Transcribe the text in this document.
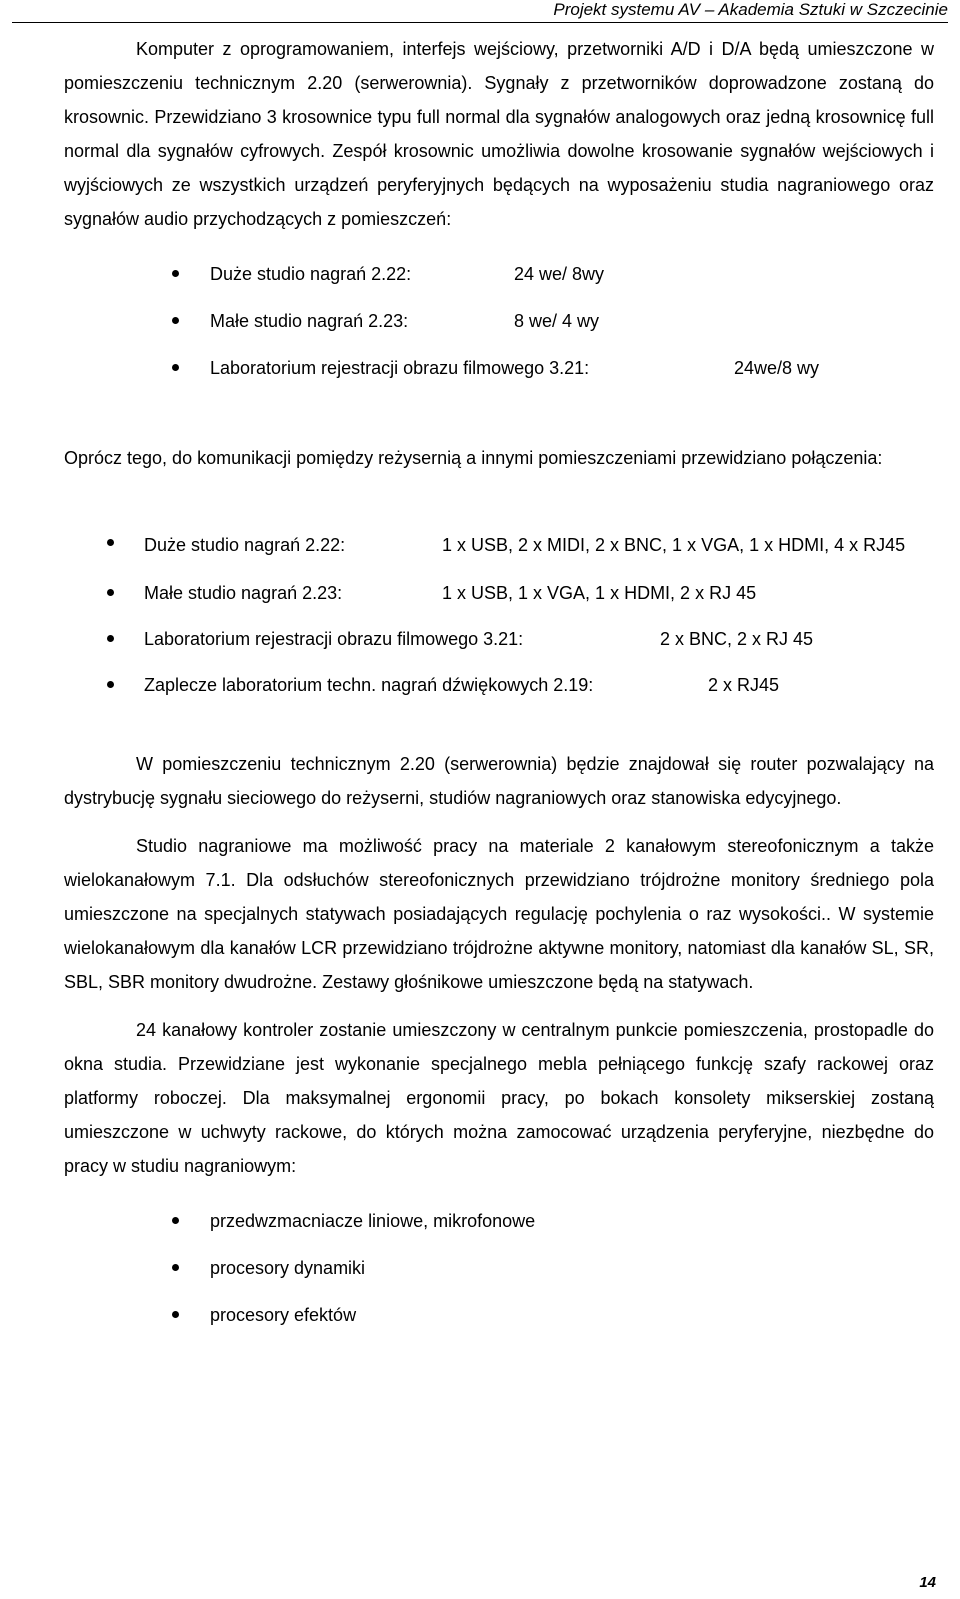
Projekt systemu AV – Akademia Sztuki w Szczecinie

Komputer z oprogramowaniem, interfejs wejściowy, przetworniki A/D i D/A będą umieszczone w pomieszczeniu technicznym 2.20 (serwerownia). Sygnały z przetworników doprowadzone zostaną do krosownic. Przewidziano 3 krosownice typu full normal dla sygnałów analogowych oraz jedną krosownicę full normal dla sygnałów cyfrowych. Zespół krosownic umożliwia dowolne krosowanie sygnałów wejściowych i wyjściowych ze wszystkich urządzeń peryferyjnych będących na wyposażeniu studia nagraniowego oraz sygnałów audio przychodzących z pomieszczeń:

Duże studio nagrań 2.22:	24 we/ 8wy
Małe studio nagrań 2.23:	8 we/ 4 wy
Laboratorium rejestracji obrazu filmowego 3.21:	24we/8 wy

Oprócz tego, do komunikacji pomiędzy reżysernią a innymi pomieszczeniami przewidziano połączenia:

Duże studio nagrań 2.22:	1 x USB, 2 x MIDI, 2 x BNC, 1 x VGA, 1 x HDMI, 4 x RJ45
Małe studio nagrań 2.23:	1 x USB, 1 x VGA, 1 x HDMI, 2 x RJ 45
Laboratorium rejestracji obrazu filmowego 3.21:	2 x BNC, 2 x RJ 45
Zaplecze laboratorium techn. nagrań dźwiękowych 2.19:	2 x RJ45

W pomieszczeniu technicznym 2.20 (serwerownia) będzie znajdował się router pozwalający na dystrybucję sygnału sieciowego do reżyserni, studiów nagraniowych oraz stanowiska edycyjnego.

Studio nagraniowe ma możliwość pracy na materiale 2 kanałowym stereofonicznym a także wielokanałowym 7.1. Dla odsłuchów stereofonicznych przewidziano trójdrożne monitory średniego pola umieszczone na specjalnych statywach posiadających regulację pochylenia o raz wysokości.. W systemie wielokanałowym dla kanałów LCR przewidziano trójdrożne aktywne monitory, natomiast dla kanałów SL, SR, SBL, SBR monitory dwudrożne. Zestawy głośnikowe umieszczone będą na statywach.

24 kanałowy kontroler zostanie umieszczony w centralnym punkcie pomieszczenia, prostopadle do okna studia. Przewidziane jest wykonanie specjalnego mebla pełniącego funkcję szafy rackowej oraz platformy roboczej. Dla maksymalnej ergonomii pracy, po bokach konsolety mikserskiej zostaną umieszczone w uchwyty rackowe, do których można zamocować urządzenia peryferyjne, niezbędne do pracy w studiu nagraniowym:

przedwzmacniacze liniowe, mikrofonowe
procesory dynamiki
procesory efektów
14
